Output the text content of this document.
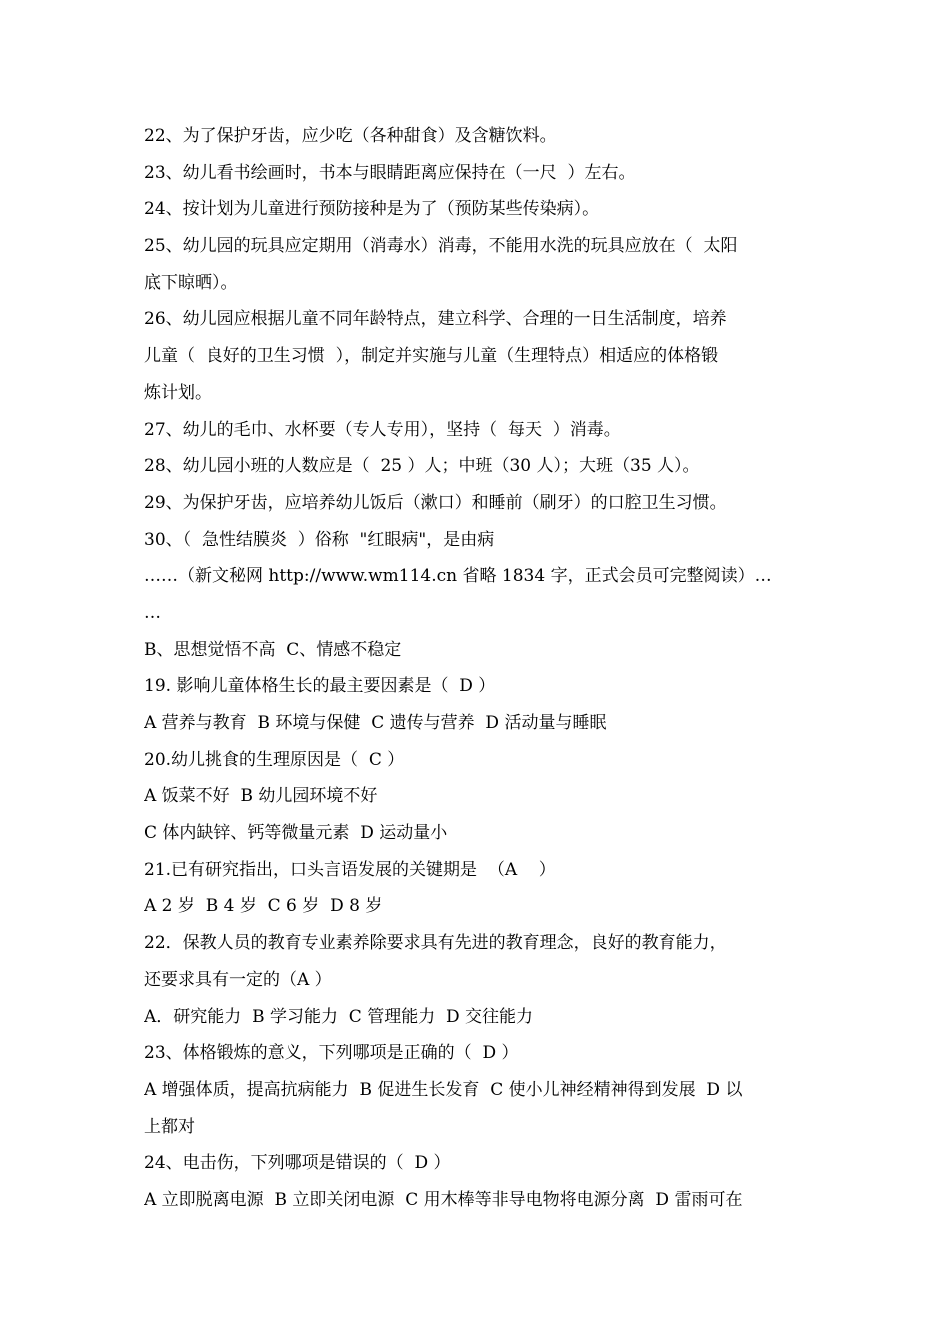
22、为了保护牙齿，应少吃（各种甜食）及含糖饮料。
23、幼儿看书绘画时，书本与眼睛距离应保持在（一尺  ）左右。
24、按计划为儿童进行预防接种是为了（预防某些传染病）。
25、幼儿园的玩具应定期用（消毒水）消毒，不能用水洗的玩具应放在（  太阳
底下晾晒）。
26、幼儿园应根据儿童不同年龄特点，建立科学、合理的一日生活制度，培养
儿童（  良好的卫生习惯  ），制定并实施与儿童（生理特点）相适应的体格锻
炼计划。
27、幼儿的毛巾、水杯要（专人专用），坚持（  每天  ）消毒。
28、幼儿园小班的人数应是（  25 ）人；中班（30 人）；大班（35 人）。
29、为保护牙齿，应培养幼儿饭后（漱口）和睡前（刷牙）的口腔卫生习惯。
30、（  急性结膜炎  ）俗称  "红眼病"，是由病
……（新文秘网 http://www.wm114.cn 省略 1834 字，正式会员可完整阅读）…
…
B、思想觉悟不高  C、情感不稳定
19. 影响儿童体格生长的最主要因素是（  D ）
A 营养与教育  B 环境与保健  C 遗传与营养  D 活动量与睡眠
20.幼儿挑食的生理原因是（  C ）
A 饭菜不好  B 幼儿园环境不好
C 体内缺锌、钙等微量元素  D 运动量小
21.已有研究指出，口头言语发展的关键期是  （A    ）
A 2 岁  B 4 岁  C 6 岁  D 8 岁
22．保教人员的教育专业素养除要求具有先进的教育理念，良好的教育能力，
还要求具有一定的（A ）
A．研究能力  B 学习能力  C 管理能力  D 交往能力
23、体格锻炼的意义，下列哪项是正确的（  D ）
A 增强体质，提高抗病能力  B 促进生长发育  C 使小儿神经精神得到发展  D 以
上都对
24、电击伤，下列哪项是错误的（  D ）
A 立即脱离电源  B 立即关闭电源  C 用木棒等非导电物将电源分离  D 雷雨可在
